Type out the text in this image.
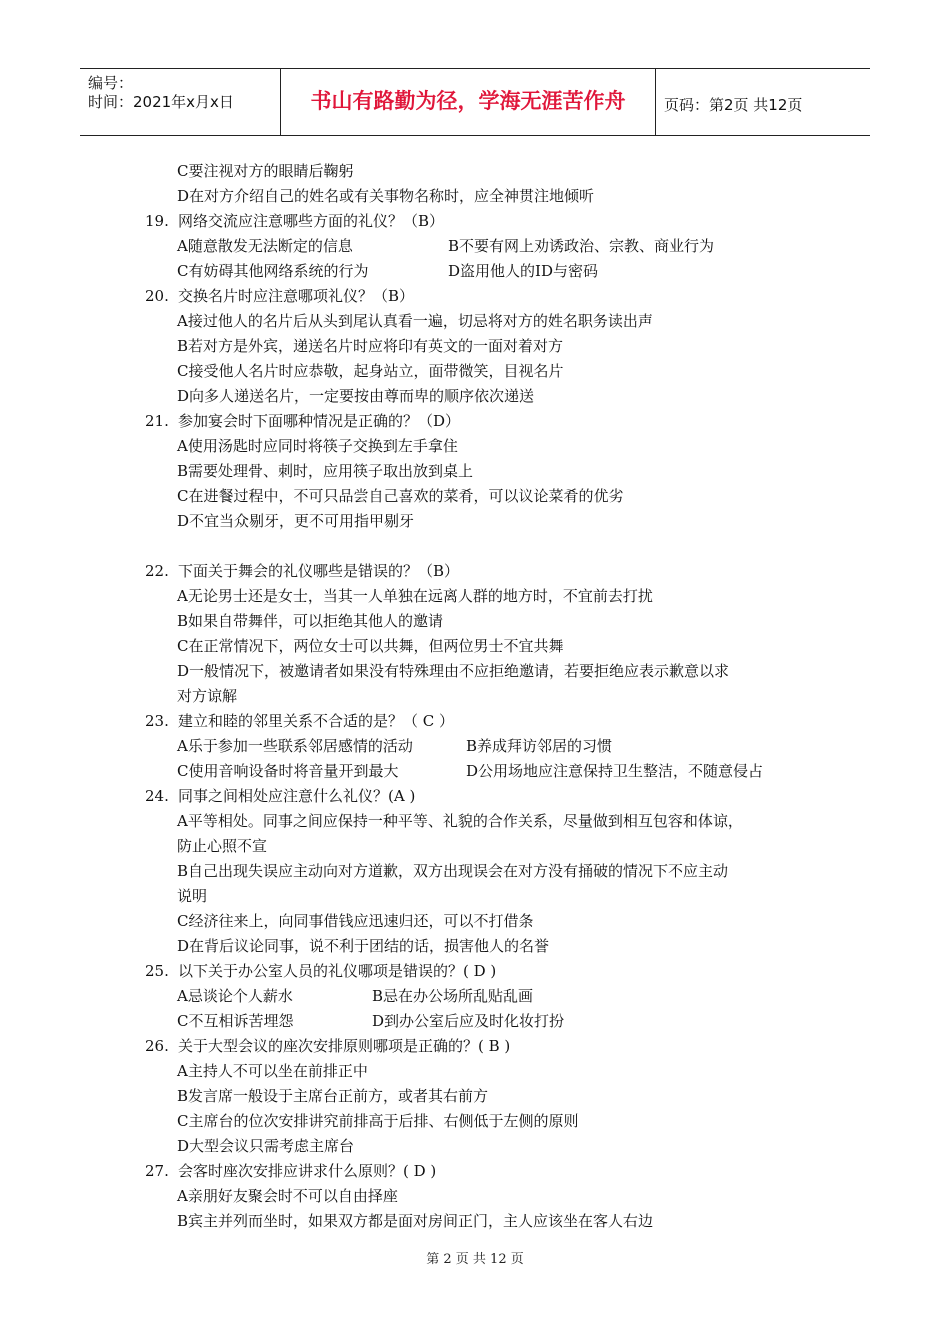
编号：
时间：2021年x月x日	书山有路勤为径，学海无涯苦作舟	页码：第2页 共12页
C要注视对方的眼睛后鞠躬
D在对方介绍自己的姓名或有关事物名称时，应全神贯注地倾听
19. 网络交流应注意哪些方面的礼仪？（B）
A随意散发无法断定的信息	B不要有网上劝诱政治、宗教、商业行为
C有妨碍其他网络系统的行为	D盗用他人的ID与密码
20. 交换名片时应注意哪项礼仪？（B）
A接过他人的名片后从头到尾认真看一遍，切忌将对方的姓名职务读出声
B若对方是外宾，递送名片时应将印有英文的一面对着对方
C接受他人名片时应恭敬，起身站立，面带微笑，目视名片
D向多人递送名片，一定要按由尊而卑的顺序依次递送
21. 参加宴会时下面哪种情况是正确的？（D）
A使用汤匙时应同时将筷子交换到左手拿住
B需要处理骨、刺时，应用筷子取出放到桌上
C在进餐过程中，不可只品尝自己喜欢的菜肴，可以议论菜肴的优劣
D不宜当众剔牙，更不可用指甲剔牙
22. 下面关于舞会的礼仪哪些是错误的？（B）
A无论男士还是女士，当其一人单独在远离人群的地方时，不宜前去打扰
B如果自带舞伴，可以拒绝其他人的邀请
C在正常情况下，两位女士可以共舞，但两位男士不宜共舞
D一般情况下，被邀请者如果没有特殊理由不应拒绝邀请，若要拒绝应表示歉意以求
对方谅解
23. 建立和睦的邻里关系不合适的是？（ C ）
A乐于参加一些联系邻居感情的活动	B养成拜访邻居的习惯
C使用音响设备时将音量开到最大	D公用场地应注意保持卫生整洁，不随意侵占
24. 同事之间相处应注意什么礼仪？(A )
A平等相处。同事之间应保持一种平等、礼貌的合作关系，尽量做到相互包容和体谅，
防止心照不宣
B自己出现失误应主动向对方道歉，双方出现误会在对方没有捅破的情况下不应主动
说明
C经济往来上，向同事借钱应迅速归还，可以不打借条
D在背后议论同事，说不利于团结的话，损害他人的名誉
25. 以下关于办公室人员的礼仪哪项是错误的？( D )
A忌谈论个人薪水	B忌在办公场所乱贴乱画
C不互相诉苦埋怨	D到办公室后应及时化妆打扮
26. 关于大型会议的座次安排原则哪项是正确的？( B )
A主持人不可以坐在前排正中
B发言席一般设于主席台正前方，或者其右前方
C主席台的位次安排讲究前排高于后排、右侧低于左侧的原则
D大型会议只需考虑主席台
27. 会客时座次安排应讲求什么原则？( D )
A亲朋好友聚会时不可以自由择座
B宾主并列而坐时，如果双方都是面对房间正门，主人应该坐在客人右边
第 2 页 共 12 页
